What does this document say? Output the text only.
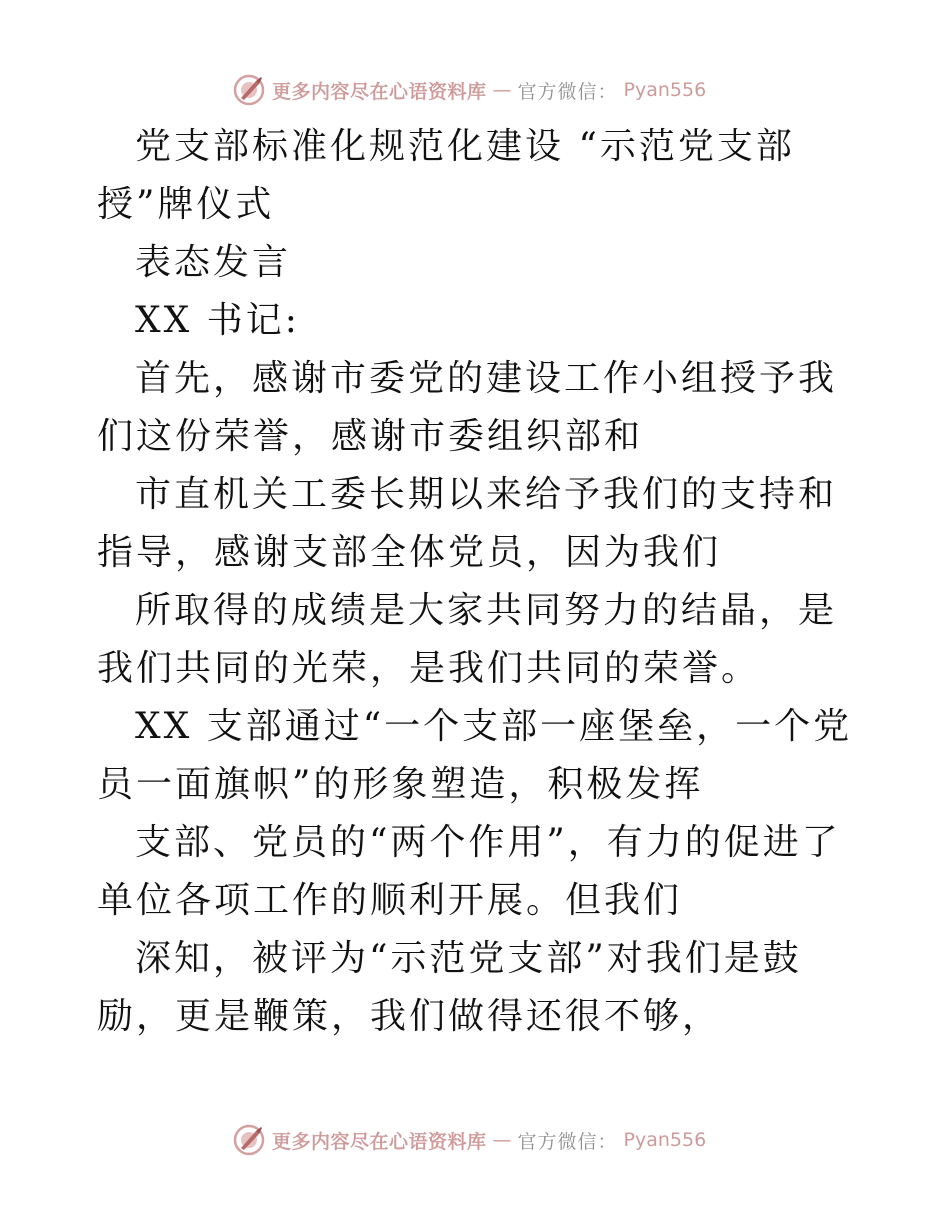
更多内容尽在心语资料库 — 官方微信： Pyan556

党支部标准化规范化建设 “示范党支部授”牌仪式

表态发言

XX 书记:

首先，感谢市委党的建设工作小组授予我们这份荣誉，感谢市委组织部和

市直机关工委长期以来给予我们的支持和指导，感谢支部全体党员，因为我们

所取得的成绩是大家共同努力的结晶，是我们共同的光荣，是我们共同的荣誉。

XX 支部通过“一个支部一座堡垒，一个党员一面旗帜”的形象塑造，积极发挥

支部、党员的“两个作用”，有力的促进了单位各项工作的顺利开展。但我们

深知，被评为“示范党支部”对我们是鼓励，更是鞭策，我们做得还很不够，

更多内容尽在心语资料库 — 官方微信： Pyan556
